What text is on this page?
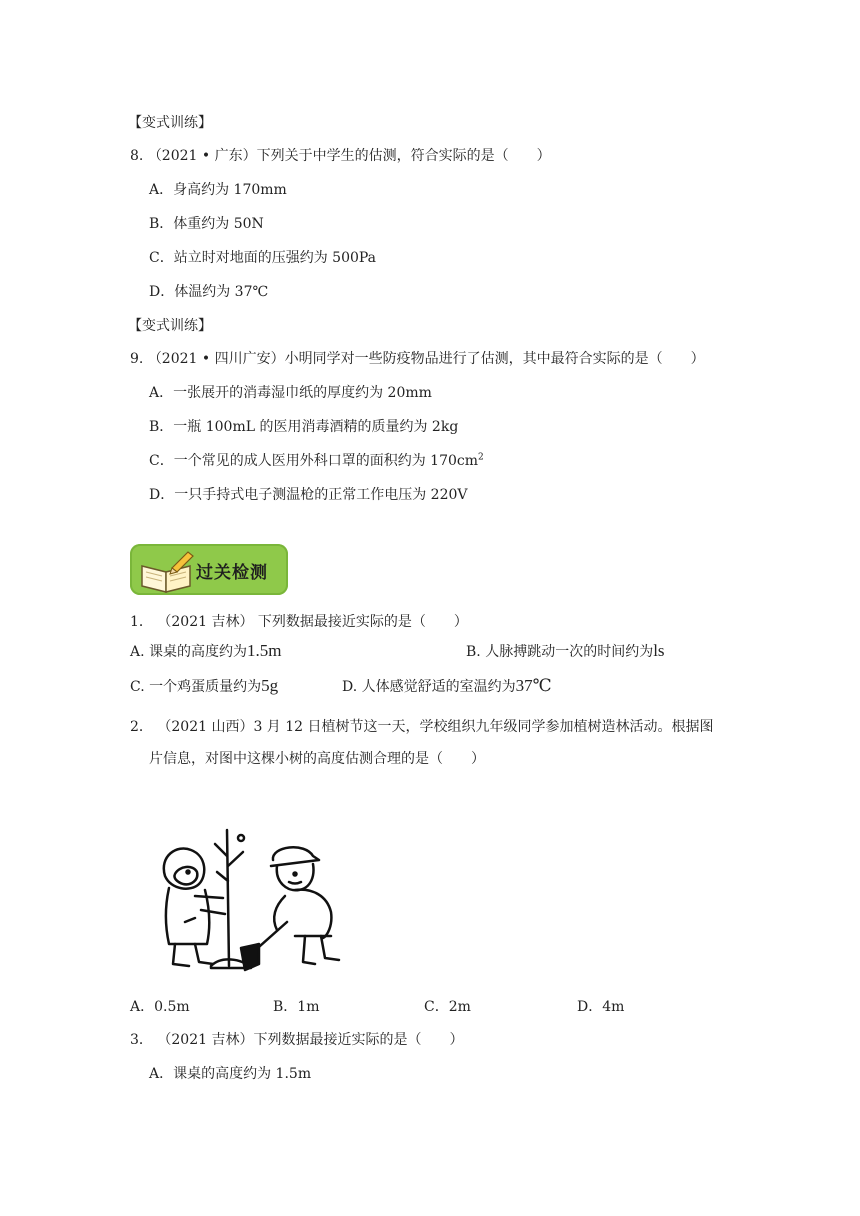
【变式训练】
8. （2021 • 广东）下列关于中学生的估测，符合实际的是（　　）
A．身高约为 170mm
B．体重约为 50N
C．站立时对地面的压强约为 500Pa
D．体温约为 37℃
【变式训练】
9. （2021 • 四川广安）小明同学对一些防疫物品进行了估测，其中最符合实际的是（　　）
A．一张展开的消毒湿巾纸的厚度约为 20mm
B．一瓶 100mL 的医用消毒酒精的质量约为 2kg
C．一个常见的成人医用外科口罩的面积约为 $170cm^2$
D．一只手持式电子测温枪的正常工作电压为 220V
过关检测
1． （2021 吉林） 下列数据最接近实际的是（　　）
A. 课桌的高度约为1.5m	B. 人脉搏跳动一次的时间约为ls
C. 一个鸡蛋质量约为5g	D. 人体感觉舒适的室温约为37℃
2． （2021 山西）3 月 12 日植树节这一天，学校组织九年级同学参加植树造林活动。根据图
片信息，对图中这棵小树的高度估测合理的是（　　）
A．0.5m	B．1m	C．2m	D．4m
3． （2021 吉林）下列数据最接近实际的是（　　）
A．课桌的高度约为 1.5m
